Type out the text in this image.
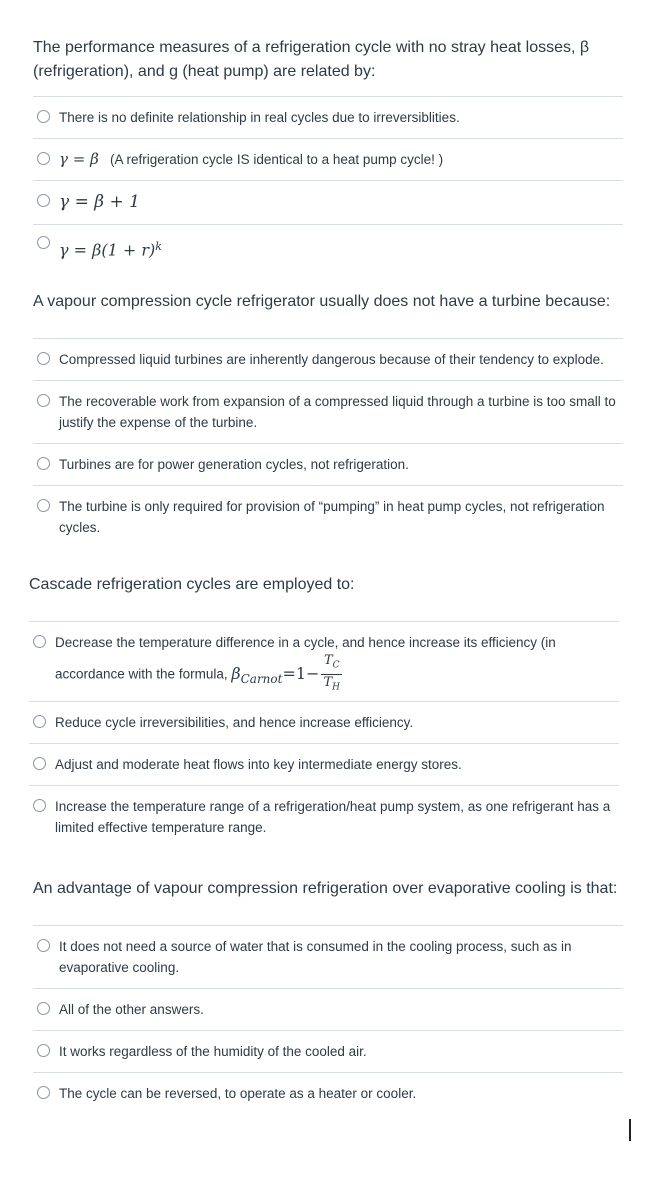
The performance measures of a refrigeration cycle with no stray heat losses, β (refrigeration), and g (heat pump) are related by:

There is no definite relationship in real cycles due to irreversiblities.
γ = β (A refrigeration cycle IS identical to a heat pump cycle! )
γ = β + 1
$\gamma = \beta(1 + r)^k$

A vapour compression cycle refrigerator usually does not have a turbine because:

Compressed liquid turbines are inherently dangerous because of their tendency to explode.
The recoverable work from expansion of a compressed liquid through a turbine is too small to justify the expense of the turbine.
Turbines are for power generation cycles, not refrigeration.
The turbine is only required for provision of “pumping” in heat pump cycles, not refrigeration cycles.

Cascade refrigeration cycles are employed to:

Decrease the temperature difference in a cycle, and hence increase its efficiency (in accordance with the formula, $\beta_{Carnot}=1- \frac{T_C}{T_H}$
Reduce cycle irreversibilities, and hence increase efficiency.
Adjust and moderate heat flows into key intermediate energy stores.
Increase the temperature range of a refrigeration/heat pump system, as one refrigerant has a limited effective temperature range.

An advantage of vapour compression refrigeration over evaporative cooling is that:

It does not need a source of water that is consumed in the cooling process, such as in evaporative cooling.
All of the other answers.
It works regardless of the humidity of the cooled air.
The cycle can be reversed, to operate as a heater or cooler.
